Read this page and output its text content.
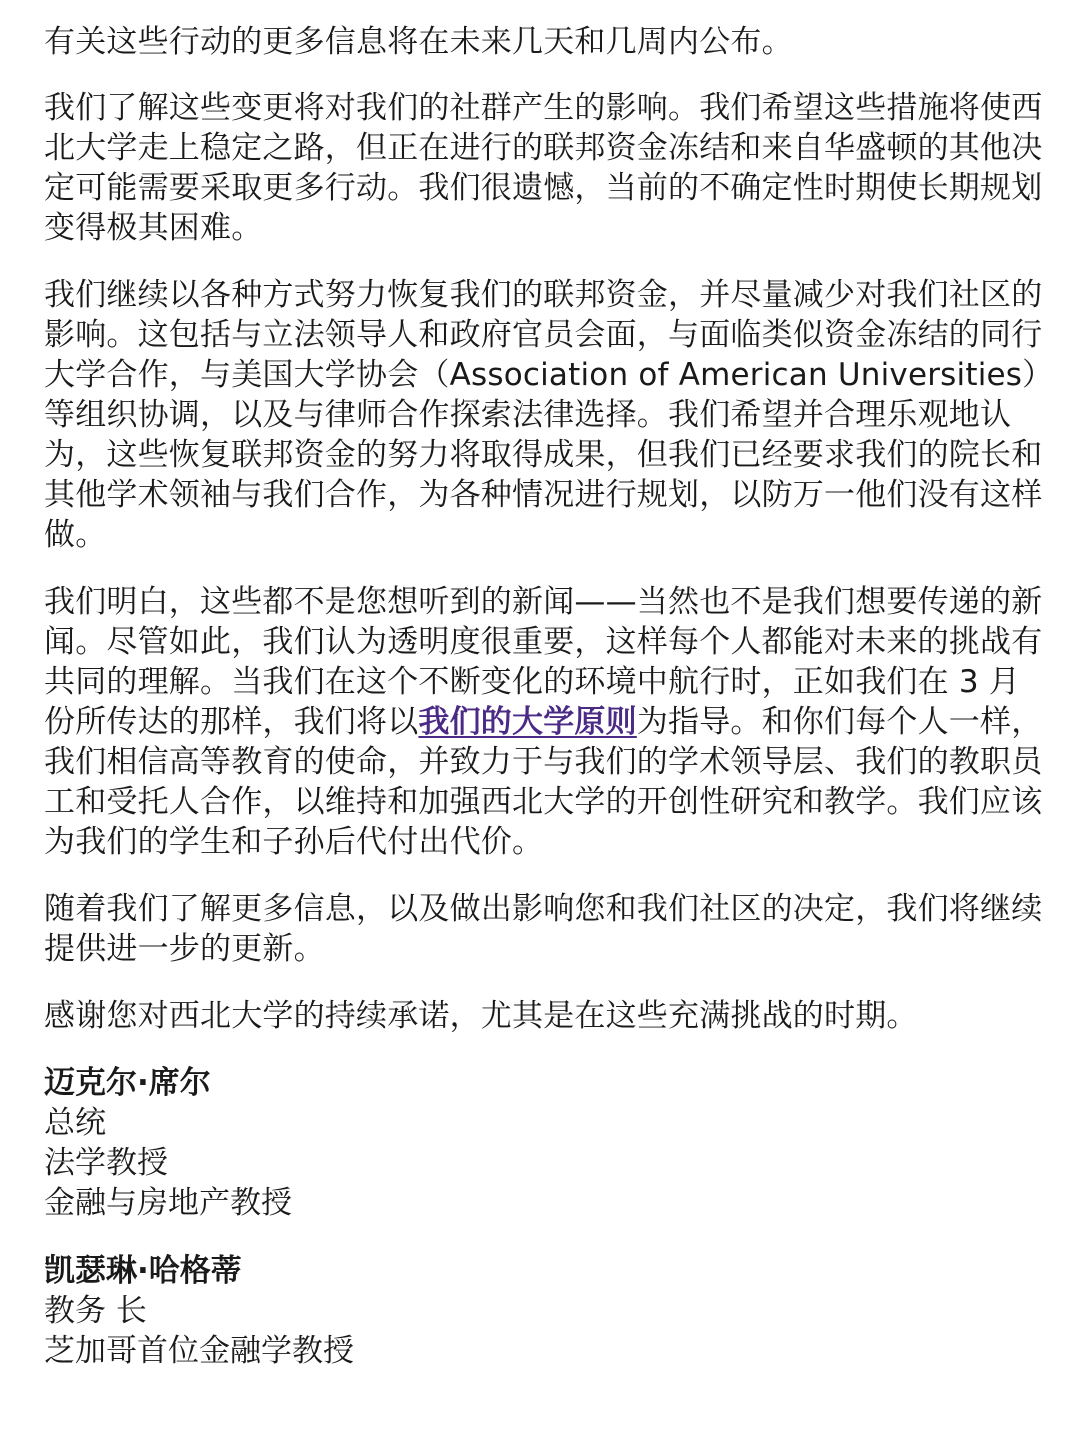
有关这些行动的更多信息将在未来几天和几周内公布。

我们了解这些变更将对我们的社群产生的影响。我们希望这些措施将使西北大学走上稳定之路，但正在进行的联邦资金冻结和来自华盛顿的其他决定可能需要采取更多行动。我们很遗憾，当前的不确定性时期使长期规划变得极其困难。

我们继续以各种方式努力恢复我们的联邦资金，并尽量减少对我们社区的影响。这包括与立法领导人和政府官员会面，与面临类似资金冻结的同行大学合作，与美国大学协会（Association of American Universities）等组织协调，以及与律师合作探索法律选择。我们希望并合理乐观地认为，这些恢复联邦资金的努力将取得成果，但我们已经要求我们的院长和其他学术领袖与我们合作，为各种情况进行规划，以防万一他们没有这样做。

我们明白，这些都不是您想听到的新闻——当然也不是我们想要传递的新闻。尽管如此，我们认为透明度很重要，这样每个人都能对未来的挑战有共同的理解。当我们在这个不断变化的环境中航行时，正如我们在 3 月份所传达的那样，我们将以我们的大学原则为指导。和你们每个人一样，我们相信高等教育的使命，并致力于与我们的学术领导层、我们的教职员工和受托人合作，以维持和加强西北大学的开创性研究和教学。我们应该为我们的学生和子孙后代付出代价。

随着我们了解更多信息，以及做出影响您和我们社区的决定，我们将继续提供进一步的更新。

感谢您对西北大学的持续承诺，尤其是在这些充满挑战的时期。

迈克尔·席尔
总统
法学教授
金融与房地产教授
凯瑟琳·哈格蒂
教务 长
芝加哥首位金融学教授
